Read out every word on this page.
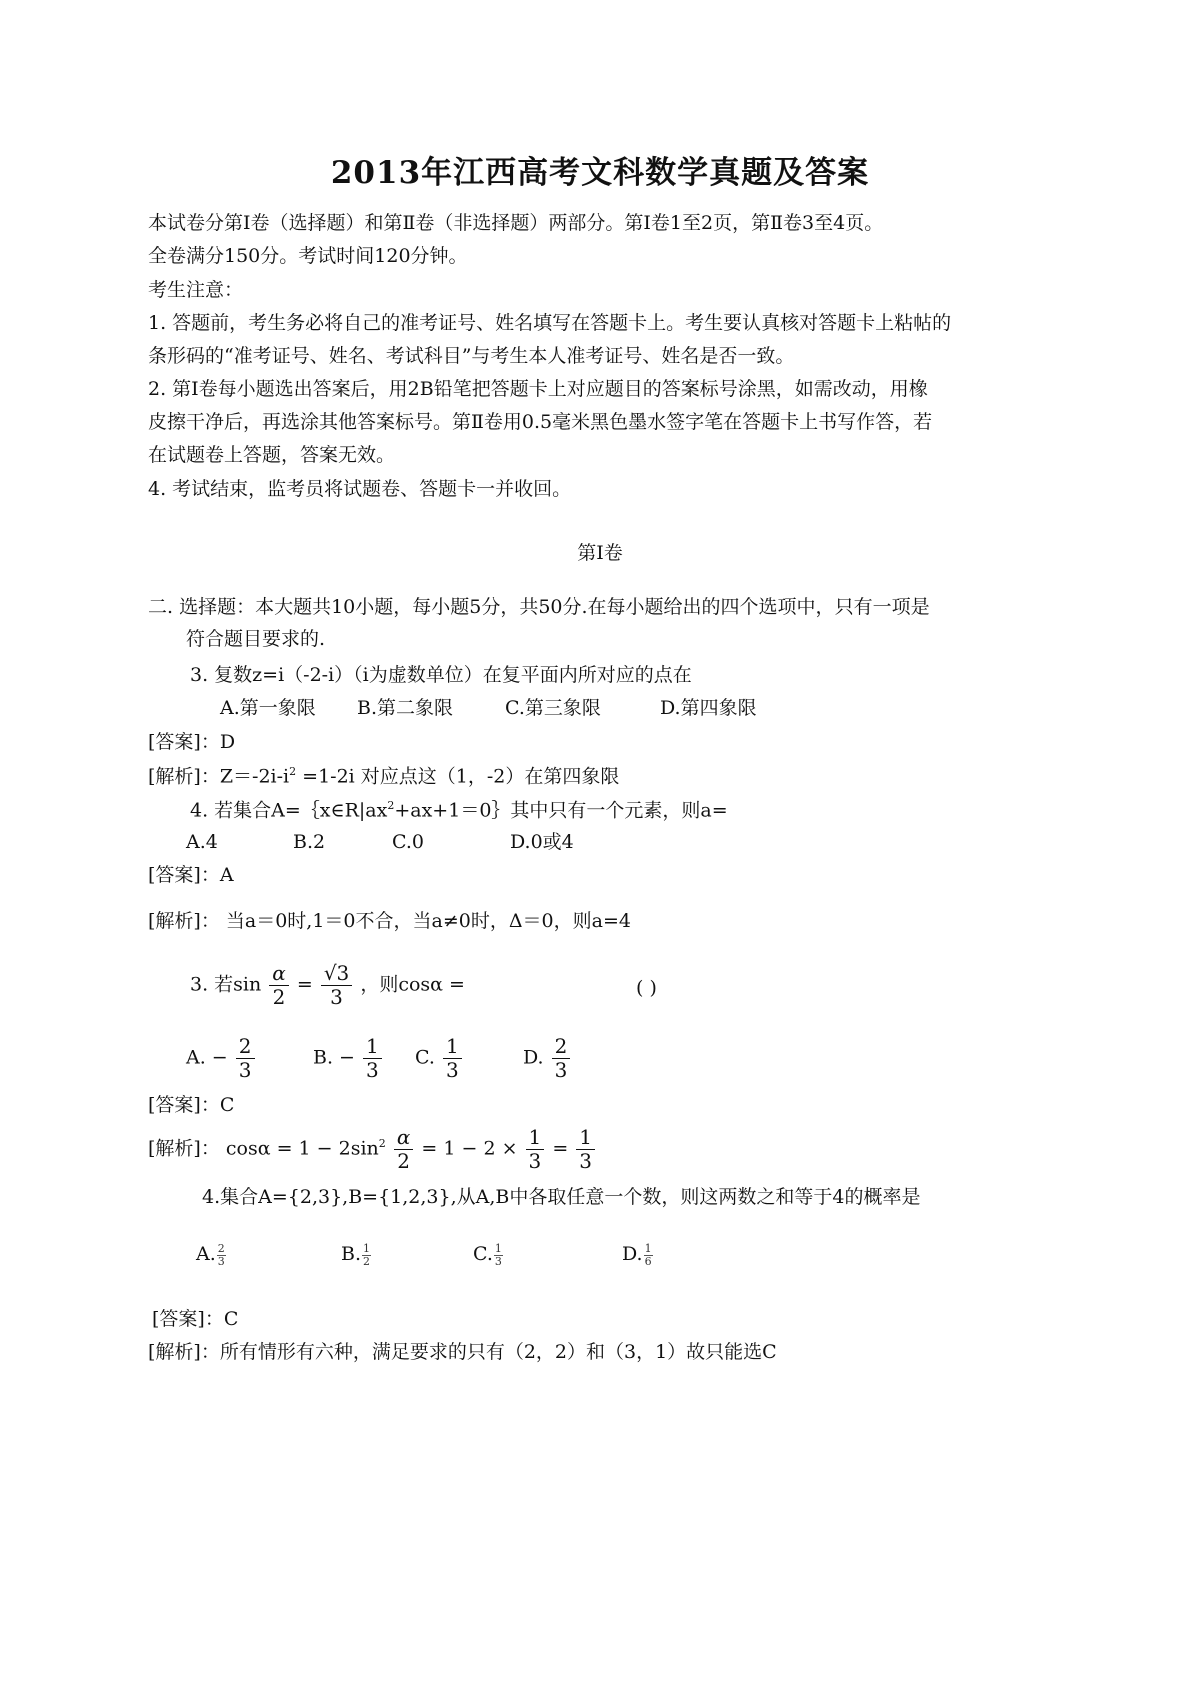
2013年江西高考文科数学真题及答案
本试卷分第Ⅰ卷（选择题）和第Ⅱ卷（非选择题）两部分。第Ⅰ卷1至2页，第Ⅱ卷3至4页。
全卷满分150分。考试时间120分钟。
考生注意：
1. 答题前，考生务必将自己的准考证号、姓名填写在答题卡上。考生要认真核对答题卡上粘帖的
条形码的“准考证号、姓名、考试科目”与考生本人准考证号、姓名是否一致。
2. 第Ⅰ卷每小题选出答案后，用2B铅笔把答题卡上对应题目的答案标号涂黑，如需改动，用橡
皮擦干净后，再选涂其他答案标号。第Ⅱ卷用0.5毫米黑色墨水签字笔在答题卡上书写作答，若
在试题卷上答题，答案无效。
4. 考试结束，监考员将试题卷、答题卡一并收回。
第Ⅰ卷
二. 选择题：本大题共10小题，每小题5分，共50分.在每小题给出的四个选项中，只有一项是
符合题目要求的.
3. 复数z=i（-2-i）（i为虚数单位）在复平面内所对应的点在
A.第一象限 B.第二象限	C.第三象限	D.第四象限
[答案]：D
[解析]：$Z=-2i-i^2 =1-2i$ 对应点这（1，-2）在第四象限
4. 若集合$A=\{x\in R|ax^2+ax+1=0\}$其中只有一个元素，则a=
A.4	B.2	C.0	D.0或4
[答案]：A
[解析]： 当a＝0时,1＝0不合，当a≠0时，Δ＝0，则a=4
3. 若$\sin \frac{\alpha}{2} = \frac{√3}{3}$ ，则cosα =	( )
A. − $\frac{2}{3}$	B. − $\frac{1}{3} C$. $\frac{1}{3}$	D. $\frac{2}{3}$
[答案]：C
[解析]： $\cos\alpha = 1 - 2\sin^2 \frac{\alpha}{2} = 1 - 2 \times \frac{1}{3} = \frac{1}{3}$
4.集合A={2,3},B={1,2,3},从A,B中各取任意一个数，则这两数之和等于4的概率是
A. $\frac{2}{3}$	B. $\frac{1}{2}$	C. $\frac{1}{3}$	D. $\frac{1}{6}$
[答案]：C
[解析]：所有情形有六种，满足要求的只有（2，2）和（3，1）故只能选C
